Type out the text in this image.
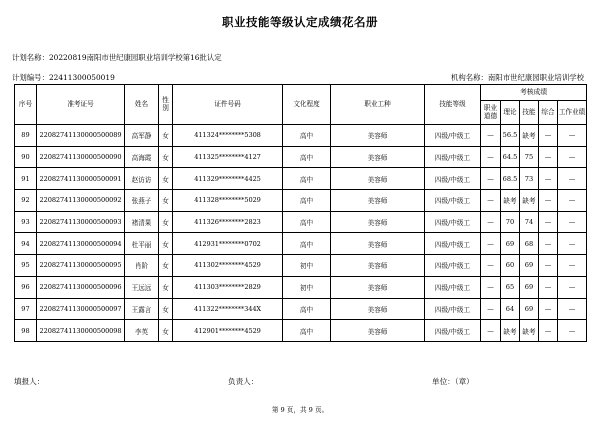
职业技能等级认定成绩花名册
计划名称：20220819南阳市世纪康园职业培训学校第16批认定
计划编号：22411300050019	机构名称：南阳市世纪康园职业培训学校
序号	准考证号	姓名	性别	证件号码	文化程度	职业工种	技能等级	考核成绩				
								职业道德	理论	技能	综合	工作业绩
89	22082741130000500089	高军静	女	411324********5308	高中	美容师	四级/中级工	—	56.5	缺考	—	—
90	22082741130000500090	高海霞	女	411325********4127	高中	美容师	四级/中级工	—	64.5	75	—	—
91	22082741130000500091	赵访访	女	411329********4425	高中	美容师	四级/中级工	—	68.5	73	—	—
92	22082741130000500092	张燕子	女	411328********5029	高中	美容师	四级/中级工	—	缺考	缺考	—	—
93	22082741130000500093	褚清果	女	411326********2823	高中	美容师	四级/中级工	—	70	74	—	—
94	22082741130000500094	杜平丽	女	412931********0702	高中	美容师	四级/中级工	—	69	68	—	—
95	22082741130000500095	肖阶	女	411302********4529	初中	美容师	四级/中级工	—	60	69	—	—
96	22082741130000500096	王远远	女	411303********2829	初中	美容师	四级/中级工	—	65	69	—	—
97	22082741130000500097	王露言	女	411322********344X	高中	美容师	四级/中级工	—	64	69	—	—
98	22082741130000500098	李英	女	412901********4529	高中	美容师	四级/中级工	—	缺考	缺考	—	—
填报人：	负责人：	单位：（章）
第 9 页，共 9 页。
